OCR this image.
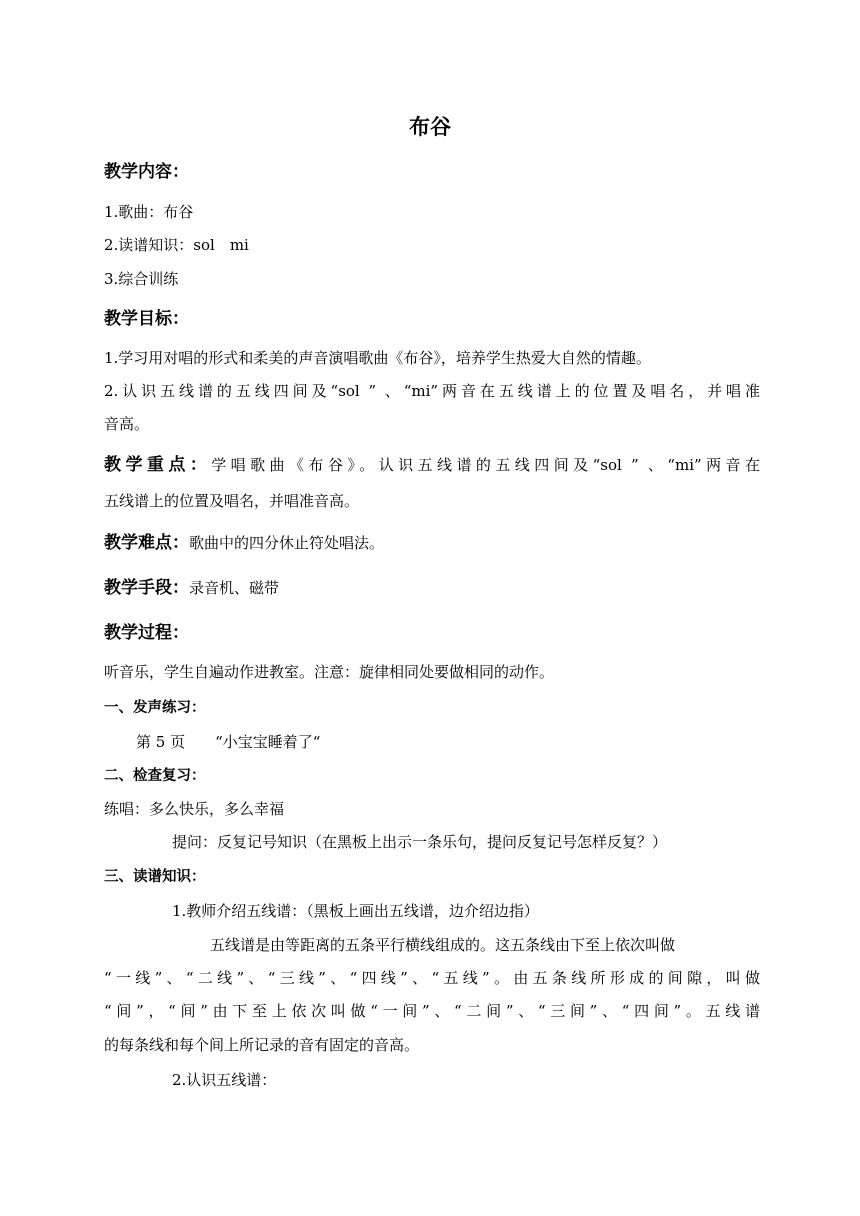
布谷
教学内容：
1.歌曲：布谷
2.读谱知识：sol　mi
3.综合训练
教学目标：
1.学习用对唱的形式和柔美的声音演唱歌曲《布谷》，培养学生热爱大自然的情趣。
2.认识五线谱的五线四间及“sol ” 、“mi”两音在五线谱上的位置及唱名，并唱准
音高。
教学重点：学唱歌曲《布谷》。认识五线谱的五线四间及“sol ” 、“mi”两音在
五线谱上的位置及唱名，并唱准音高。
教学难点：歌曲中的四分休止符处唱法。
教学手段：录音机、磁带
教学过程：
听音乐，学生自遍动作进教室。注意：旋律相同处要做相同的动作。
一、发声练习：
第 5 页　　“小宝宝睡着了“
二、检查复习：
练唱：多么快乐，多么幸福
提问：反复记号知识（在黑板上出示一条乐句，提问反复记号怎样反复？）
三、读谱知识：
1.教师介绍五线谱：（黑板上画出五线谱，边介绍边指）
五线谱是由等距离的五条平行横线组成的。这五条线由下至上依次叫做
“一线”、“二线”、“三线”、“四线”、“五线”。由五条线所形成的间隙，叫做
“间”，“间”由下至上依次叫做“一间”、“二间”、“三间”、“四间”。五线谱
的每条线和每个间上所记录的音有固定的音高。
2.认识五线谱：
